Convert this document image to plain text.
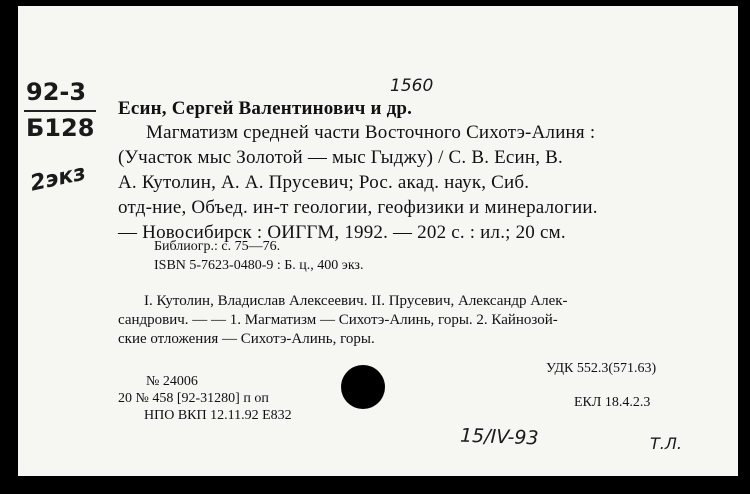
92-3
Б128
2экз
1560
Есин, Сергей Валентинович и др.
Магматизм средней части Восточного Сихотэ-Алиня :
(Участок мыс Золотой — мыс Гыджу) / С. В. Есин, В.
А. Кутолин, А. А. Прусевич; Рос. акад. наук, Сиб.
отд-ние, Объед. ин-т геологии, геофизики и минералогии.
— Новосибирск : ОИГГМ, 1992. — 202 с. : ил.; 20 см.
Библиогр.: с. 75—76.
ISBN 5-7623-0480-9 : Б. ц., 400 экз.
I. Кутолин, Владислав Алексеевич. II. Прусевич, Александр Алек-
сандрович. — — 1. Магматизм — Сихотэ-Алинь, горы. 2. Кайнозой-
ские отложения — Сихотэ-Алинь, горы.
УДК 552.3(571.63)
№ 24006
20 № 458 [92-31280] п оп
НПО ВКП 12.11.92 Е832
ЕКЛ 18.4.2.3
15/IV-93	Т.Л.
